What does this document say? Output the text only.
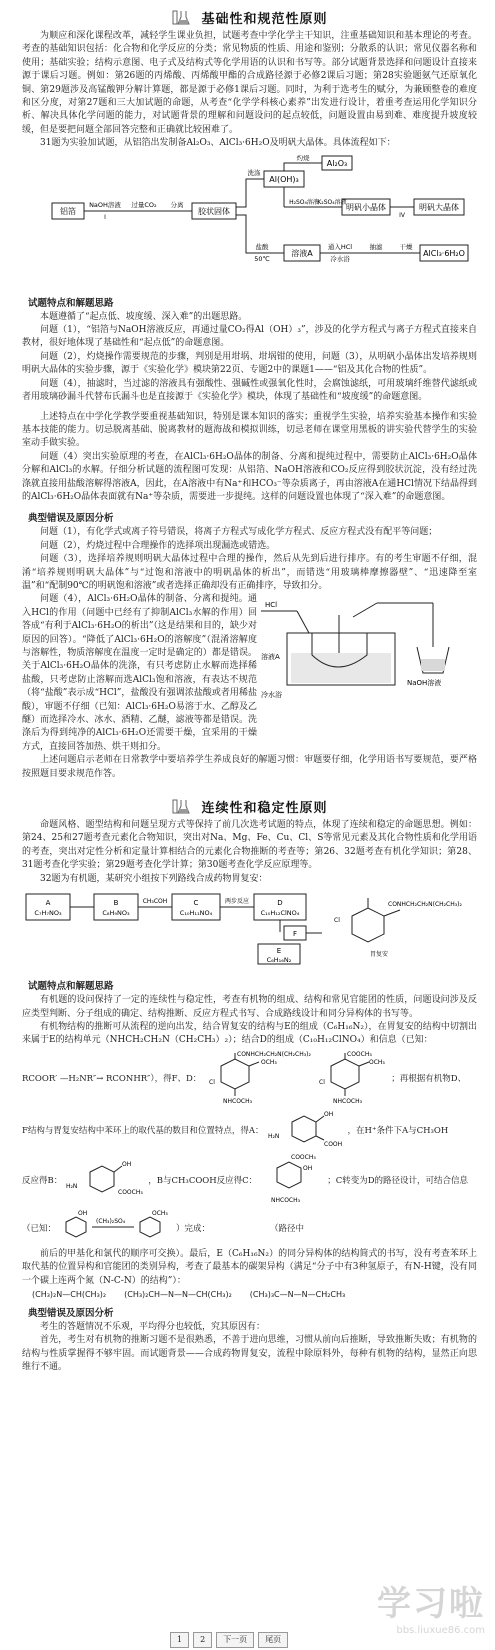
基础性和规范性原则

为顺应和深化课程改革，减轻学生课业负担，试题考查中学化学主干知识，注重基础知识和基本理论的考查。考查的基础知识包括：化合物和化学反应的分类；常见物质的性质、用途和鉴别；分散系的认识；常见仪器名称和使用；基础实验；结构示意图、电子式及结构式等化学用语的认识和书写等。部分试题背景选择和问题设计直接来源于课后习题。例如：第26题的丙烯酸、丙烯酸甲酯的合成路径源于必修2课后习题；第28实验题氨气还原氧化铜、第29题涉及高锰酸钾分解计算题，都是源于必修1课后习题。同时，为利于选考生的赋分，为兼顾整卷的难度和区分度，对第27题和三大加试题的命题，从考查“化学学科核心素养”出发进行设计，着重考查运用化学知识分析、解决具体化学问题的能力，对试题背景的理解和问题设问的起点较低，问题设置由易到难、难度提升坡度较缓，但是要把问题全部回答完整和正确就比较困难了。

31题为实验加试题，从铝箔出发制备Al₂O₃、AlCl₃·6H₂O及明矾大晶体。具体流程如下：

铝箔
NaOH溶液
I
过量CO₂ 分离
胶状固体
洗涤
Al(OH)₃
灼烧
Al₂O₃
H₂SO₄溶液
K₂SO₄溶液
明矾小晶体
IV
明矾大晶体
盐酸
50℃
溶液A
通入HCl
冷水浴
抽滤	干燥
AlCl₃·6H₂O
试题特点和解题思路

本题遵循了“起点低、坡度缓、深入难”的出题思路。

问题（1），“铝箔与NaOH溶液反应，再通过量CO₂得Al（OH）₃”，涉及的化学方程式与离子方程式直接来自教材，很好地体现了基础性和“起点低”的命题意图。

问题（2），灼烧操作需要规范的步骤，判别是用坩埚、坩埚钳的使用，问题（3），从明矾小晶体出发培养规则明矾大晶体的实验步骤，源于《实验化学》模块第22页、专题2中的课题1——“铝及其化合物的性质”。

问题（4），抽滤时，当过滤的溶液具有强酸性、强碱性或强氧化性时，会腐蚀滤纸，可用玻璃纤维替代滤纸或者用玻璃砂漏斗代替布氏漏斗也是直接源于《实验化学》模块，体现了基础性和“坡度缓”的命题意图。

上述特点在中学化学教学要重视基础知识，特别是课本知识的落实；重视学生实验，培养实验基本操作和实验基本技能的能力。切忌脱离基础、脱离教材的题海战和模拟训练，切忌老师在课堂用黑板的讲实验代替学生的实验室动手做实验。

问题（4）突出实验原理的考查，在AlCl₃·6H₂O晶体的制备、分离和提纯过程中，需要防止AlCl₃·6H₂O晶体分解和AlCl₃的水解。仔细分析试题的流程图可发现：从铝箔、NaOH溶液和CO₂反应得到胶状沉淀，没有经过洗涤就直接用盐酸溶解得溶液A，因此，在A溶液中有Na⁺和HCO₃⁻等杂质离子，再由溶液A在通HCl情况下结晶得到的AlCl₃·6H₂O晶体表面就有Na⁺等杂质，需要进一步提纯。这样的问题设置也体现了“深入难”的命题意图。

典型错误及原因分析

问题（1），有化学式或离子符号错误，将离子方程式写成化学方程式、反应方程式没有配平等问题；

问题（2），灼烧过程中合理操作的选择项出现漏选或错选。

问题（3），选择培养规则明矾大晶体过程中合理的操作，然后从先到后进行排序。有的考生审题不仔细，混淆“培养规则明矾大晶体”与“过饱和溶液中的明矾晶体的析出”，而错选“用玻璃棒摩擦器壁”、“迅速降至室温”和“配制90℃的明矾饱和溶液”或者选择正确却没有正确排序，导致扣分。

问题（4），AlCl₃·6H₂O晶体的制备、分离和提纯。通入HCl的作用（问题中已经有了抑制AlCl₃水解的作用）回答成“有利于AlCl₃·6H₂O的析出”（这是结果和目的，缺少对原因的回答）。“降低了AlCl₃·6H₂O的溶解度”（混淆溶解度与溶解性，物质溶解度在温度一定时是确定的）都是错误。关于AlCl₃·6H₂O晶体的洗涤，有只考虑防止水解而选择稀盐酸，只考虑防止溶解而选AlCl₃饱和溶液，有表达不规范（将“盐酸”表示成“HCl”，盐酸没有强调浓盐酸或者用稀盐酸），审题不仔细（已知：AlCl₃·6H₂O易溶于水、乙醇及乙醚）而选择冷水、冰水、酒精、乙醚，滤液等都是错误。洗涤后为得到纯净的AlCl₃·6H₂O还需要干燥，宜采用的干燥方式，直接回答加热、烘干则扣分。

HCl
溶液A
冷水浴
NaOH溶液

上述问题启示老师在日常教学中要培养学生养成良好的解题习惯：审题要仔细，化学用语书写要规范，要严格按照题目要求规范作答。

连续性和稳定性原则

命题风格、题型结构和问题呈现方式等保持了前几次选考试题的特点，体现了连续和稳定的命题思想。例如：第24、25和27题考查元素化合物知识，突出对Na、Mg、Fe、Cu、Cl、S等常见元素及其化合物性质和化学用语的考查，突出对定性分析和定量计算相结合的元素化合物推断的考查等；第26、32题考查有机化学知识；第28、31题考查化学实验；第29题考查化学计算；第30题考查化学反应原理等。

32题为有机题，某研究小组按下列路线合成药物胃复安：

A
C₇H₇NO₃
B
C₈H₉NO₃
CH₃COH	C
C₁₀H₁₁NO₄
两步反应	D
C₁₀H₁₂ClNO₄
F
E
C₆H₁₆N₂
CONHCH₂CH₂N(CH₂CH₃)₂
Cl
胃复安
试题特点和解题思路

有机题的设问保持了一定的连续性与稳定性，考查有机物的组成、结构和常见官能团的性质，问题设问涉及反应类型判断、分子组成的确定、结构推断、反应方程式书写、合成路线设计和同分异构体的书写等。

有机物结构的推断可从流程的逆向出发，结合胃复安的结构与E的组成（C₆H₁₆N₂），在胃复安的结构中切割出来属于E的结构单元（NHCH₂CH₂N（CH₂CH₃）₂）；结合D的组成（C₁₀H₁₂ClNO₄）和信息（已知：

RCOOR′ —H₂NR″→ RCONHR″），得F、D：
CONHCH₂CH₂N(CH₂CH₃)₂
OCH₃
Cl
NHCOCH₃
COOCH₃
OCH₃
Cl
NHCOCH₃
；再根据有机物D、
F结构与胃复安结构中苯环上的取代基的数目和位置特点，得A：
OH
COOH
H₂N
，在H⁺条件下A与CH₃OH
反应得B：
OH
COOCH₃
H₂N
，B与CH₃COOH反应得C：
COOCH₃
OH
NHCOCH₃
；C转变为D的路径设计，可结合信息
（已知：
OH
(CH₃)₂SO₄
OCH₃
）完成：	（路径中

前后的甲基化和氯代的顺序可交换）。最后，E（C₆H₁₆N₂）的同分异构体的结构简式的书写，没有考查苯环上取代基的位置异构和官能团的类别异构，考查了最基本的碳架异构（满足“分子中有3种氢原子，有N-H键，没有同一个碳上连两个氮（N-C-N）的结构”）：

(CH₃)₂N—CH(CH₃)₂ (CH₃)₂CH—N—N—CH(CH₃)₂ (CH₃)₃C—N—N—CH₂CH₃
典型错误及原因分析

考生的答题情况不乐观，平均得分也较低，究其原因有：

首先，考生对有机物的推断习题不是很熟悉，不善于进向思维，习惯从前向后推断，导致推断失败；有机物的结构与性质掌握得不够牢固。而试题背景——合成药物胃复安，流程中除原料外，每种有机物的结构，显然正向思维行不通。

学习啦
bbs.liuxue86.com
1	2	下一页	尾页
